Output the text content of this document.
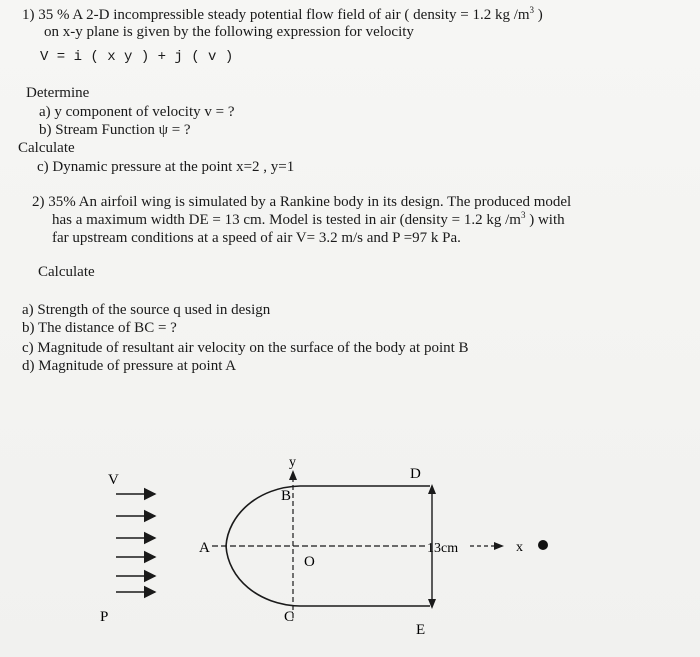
1) 35 % A 2-D incompressible steady potential flow field of air ( density = 1.2 kg $/m^3$ )
on x-y plane is given by the following expression for velocity
V = i ( x y ) + j ( v )
Determine
a) y component of velocity v = ?
b) Stream Function ψ = ?
Calculate
c) Dynamic pressure at the point x=2 , y=1
2) 35% An airfoil wing is simulated by a Rankine body in its design. The produced model
has a maximum width DE = 13 cm. Model is tested in air (density = 1.2 kg $/m^3$ ) with
far upstream conditions at a speed of air V= 3.2 m/s and P =97 k Pa.
Calculate
a) Strength of the source q used in design
b) The distance of BC = ?
c) Magnitude of resultant air velocity on the surface of the body at point B
d) Magnitude of pressure at point A
V
P
y
B
A
O
C
D
E
13cm	x
